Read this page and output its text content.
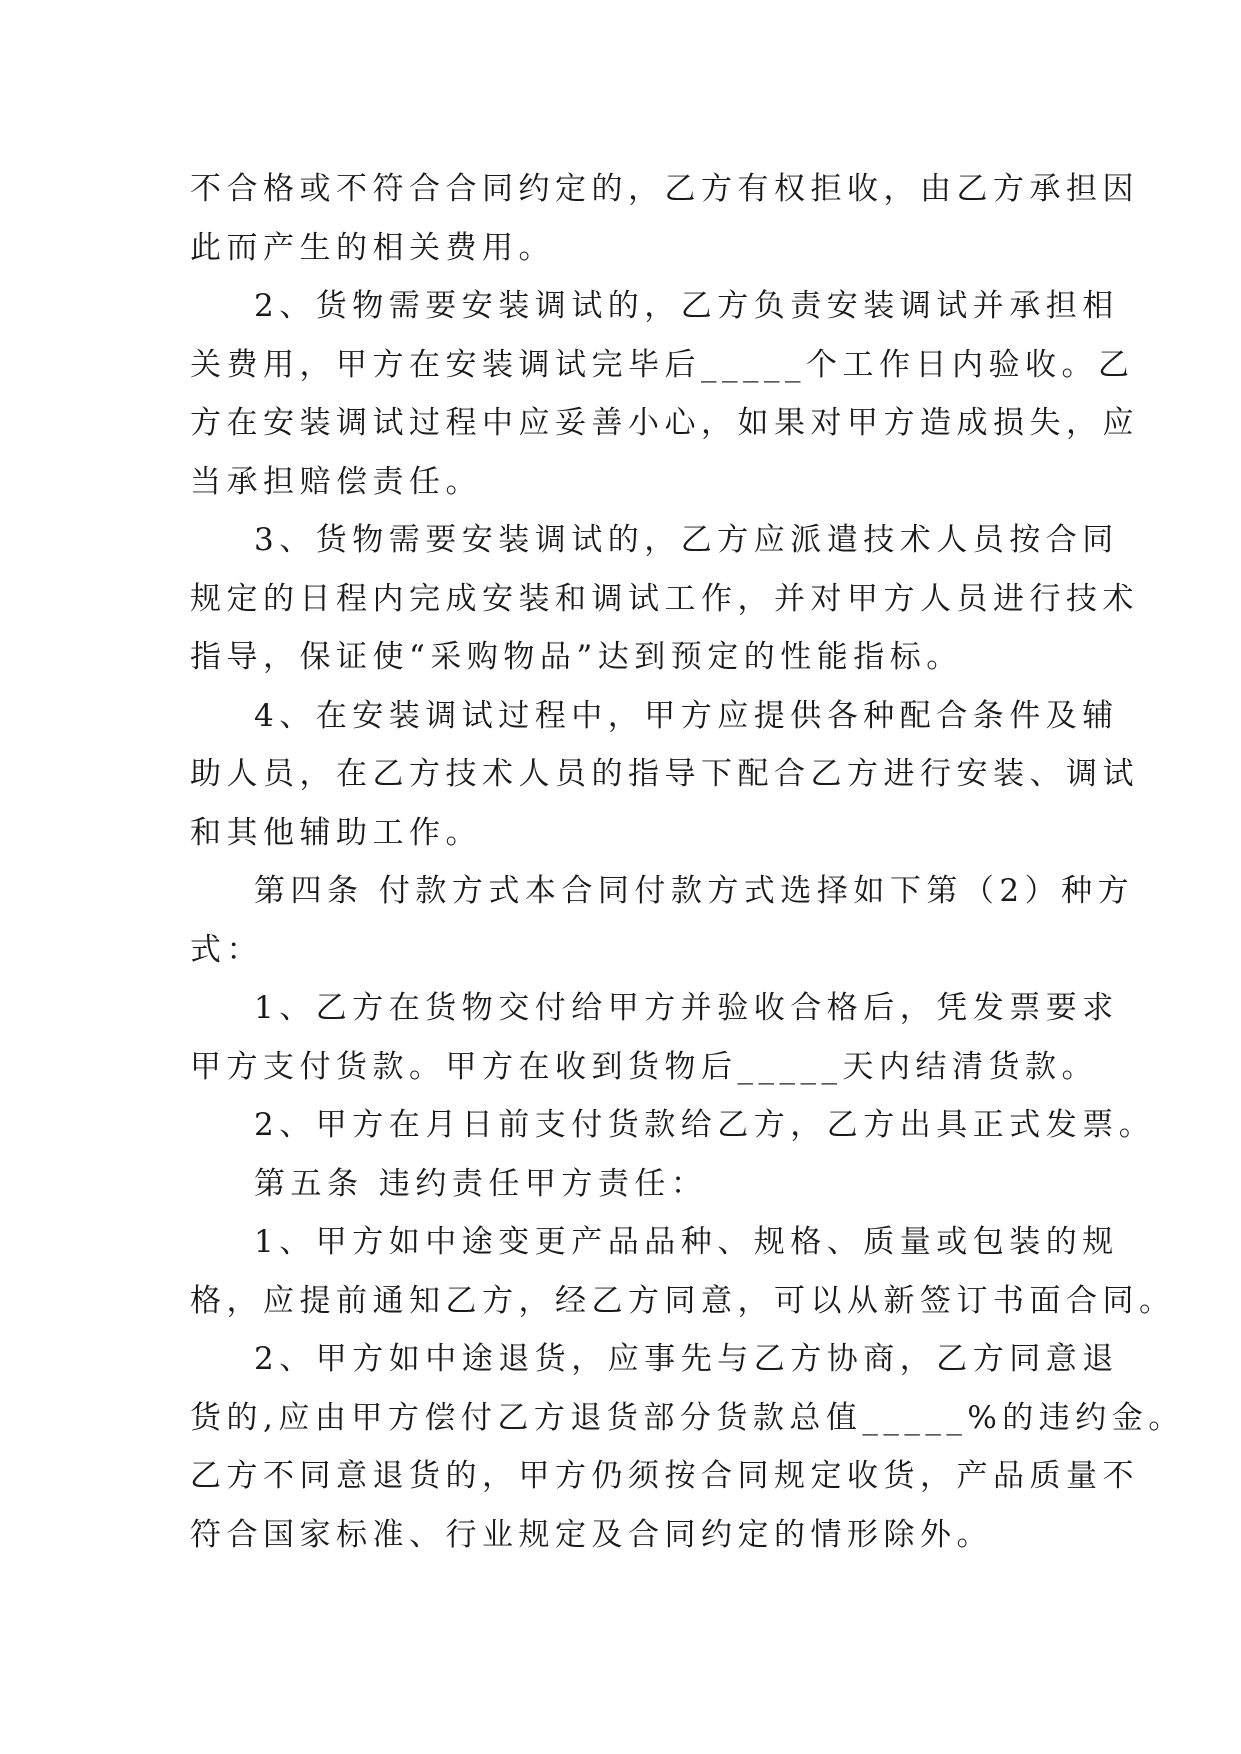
不合格或不符合合同约定的，乙方有权拒收，由乙方承担因
此而产生的相关费用。
2、货物需要安装调试的，乙方负责安装调试并承担相
关费用，甲方在安装调试完毕后_____个工作日内验收。乙
方在安装调试过程中应妥善小心，如果对甲方造成损失，应
当承担赔偿责任。
3、货物需要安装调试的，乙方应派遣技术人员按合同
规定的日程内完成安装和调试工作，并对甲方人员进行技术
指导，保证使“采购物品”达到预定的性能指标。
4、在安装调试过程中，甲方应提供各种配合条件及辅
助人员，在乙方技术人员的指导下配合乙方进行安装、调试
和其他辅助工作。
第四条 付款方式本合同付款方式选择如下第（2）种方
式：
1、乙方在货物交付给甲方并验收合格后，凭发票要求
甲方支付货款。甲方在收到货物后_____天内结清货款。
2、甲方在月日前支付货款给乙方，乙方出具正式发票。
第五条 违约责任甲方责任：
1、甲方如中途变更产品品种、规格、质量或包装的规
格，应提前通知乙方，经乙方同意，可以从新签订书面合同。
2、甲方如中途退货，应事先与乙方协商，乙方同意退
货的,应由甲方偿付乙方退货部分货款总值_____%的违约金。
乙方不同意退货的，甲方仍须按合同规定收货，产品质量不
符合国家标准、行业规定及合同约定的情形除外。
